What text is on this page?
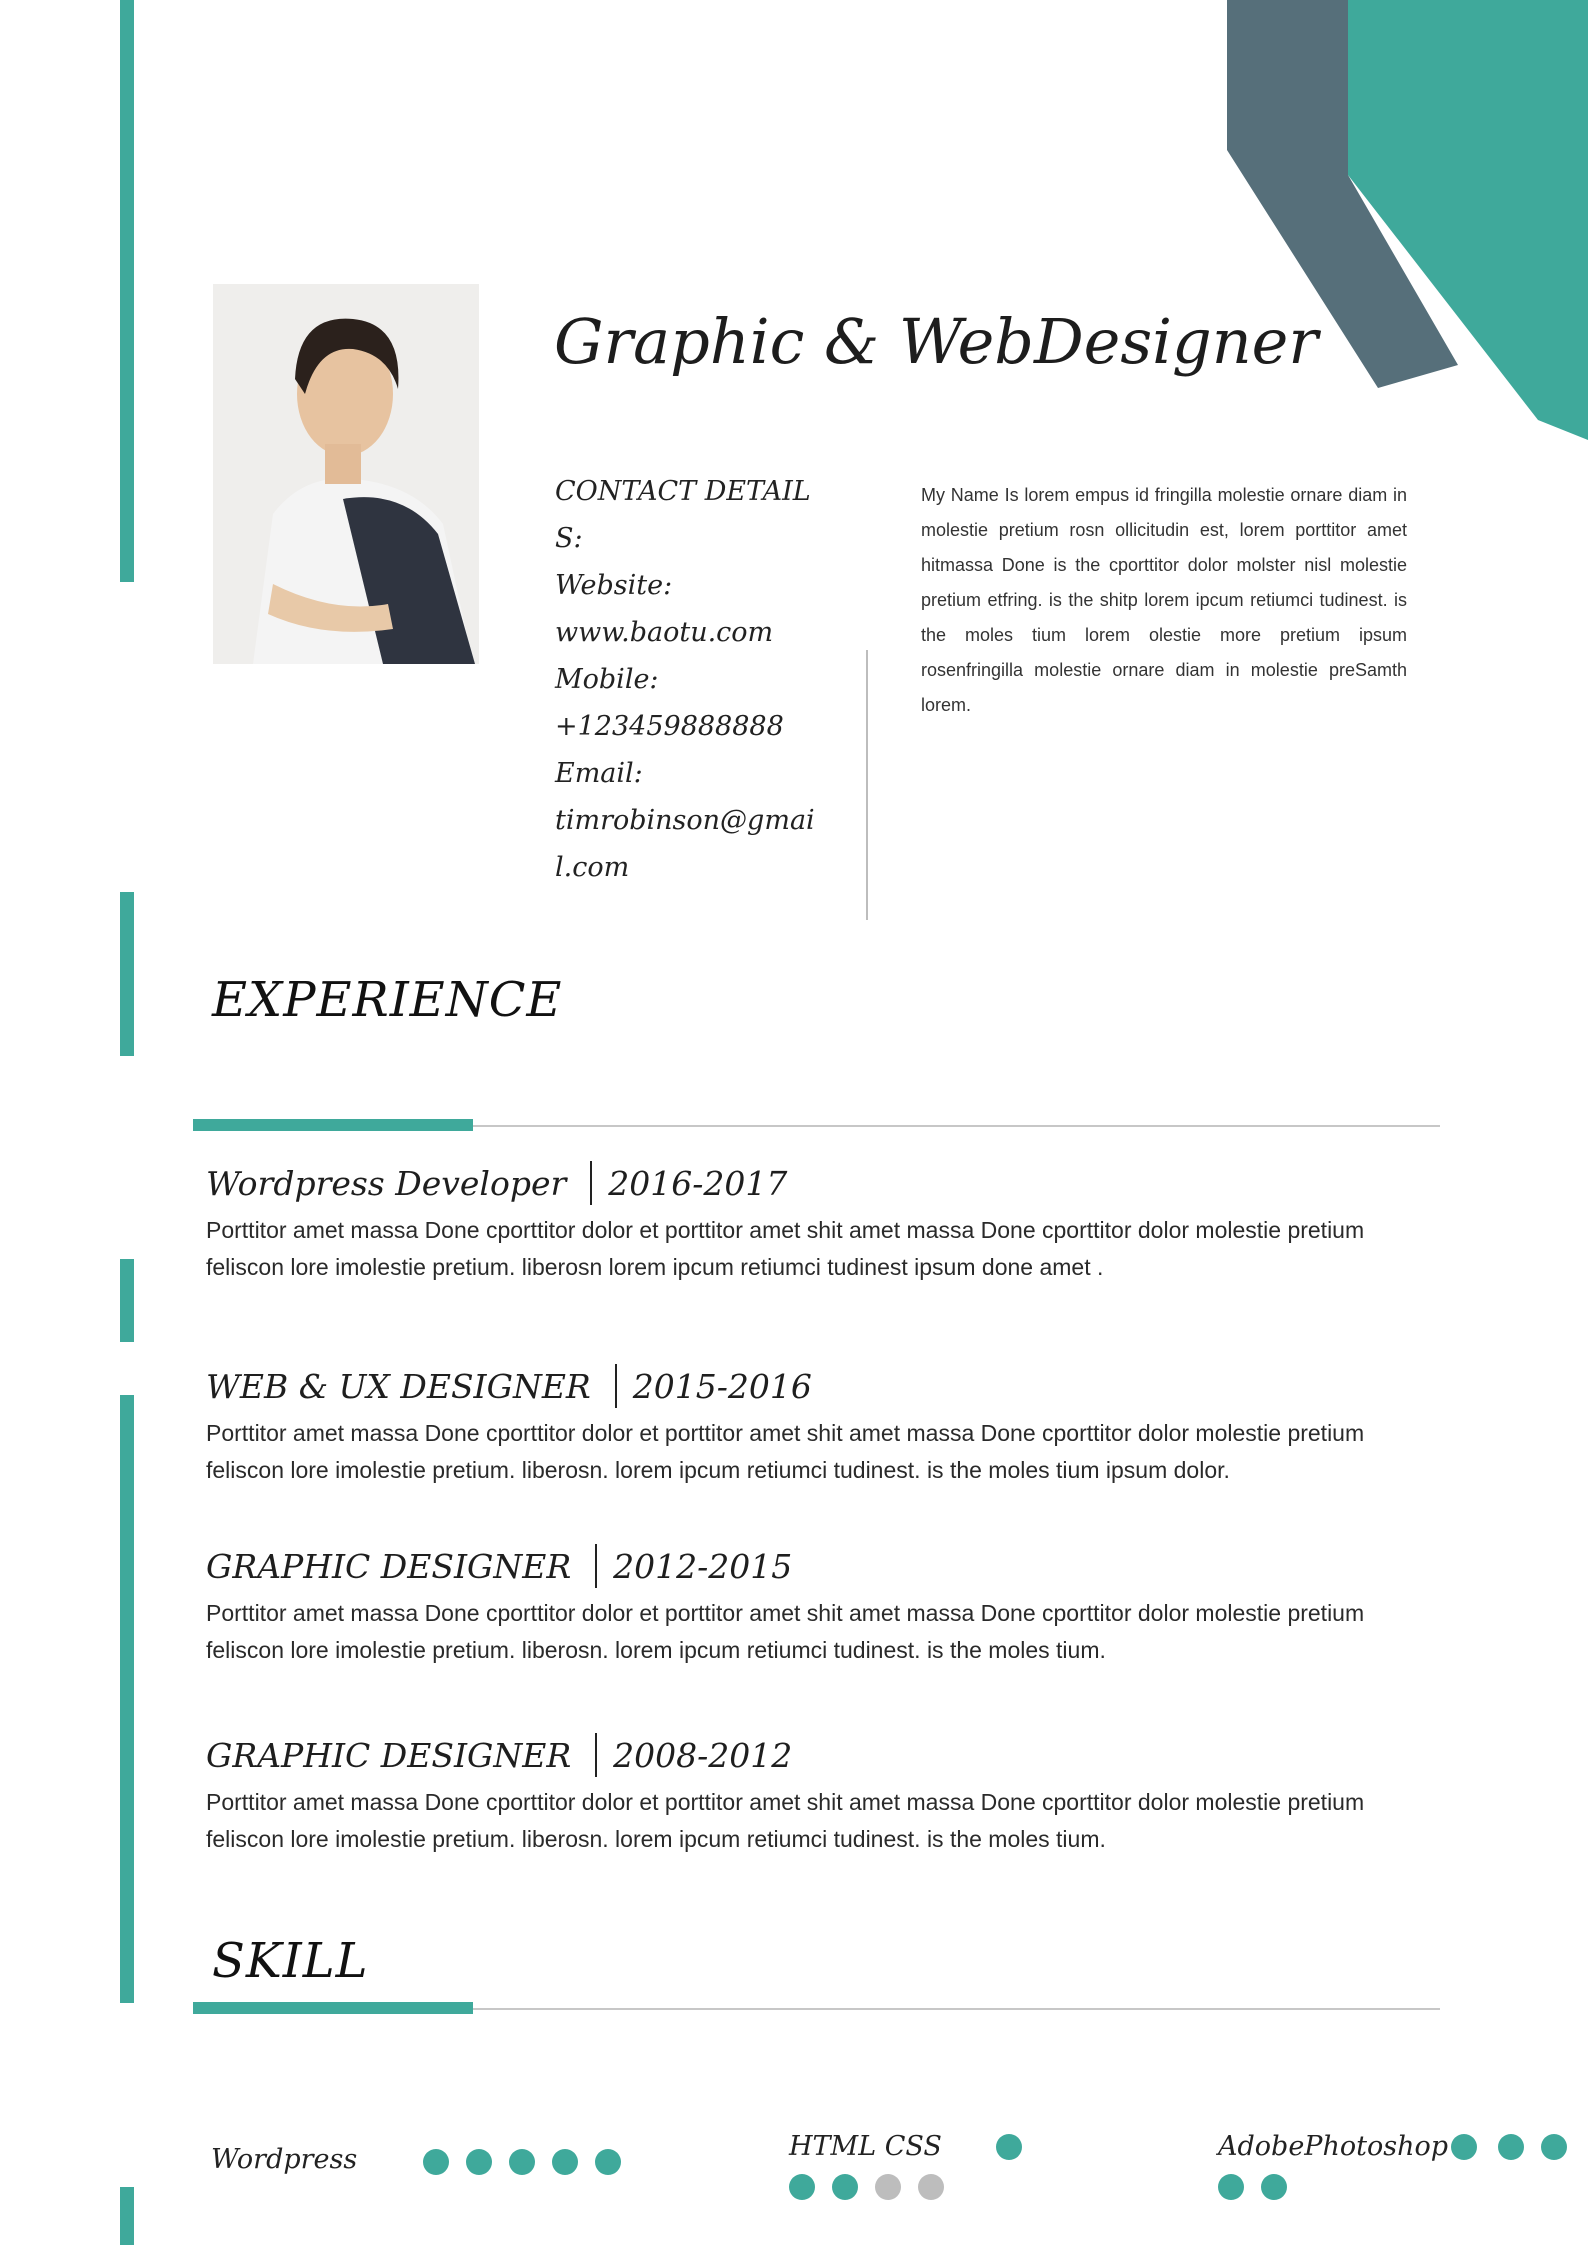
Graphic & WebDesigner
CONTACT DETAILS:
Website:
www.baotu.com
Mobile:
+123459888888
Email:
timrobinson@gmail.com
My Name Is lorem empus id fringilla molestie ornare diam in molestie pretium rosn ollicitudin est, lorem porttitor amet hitmassa Done is the cporttitor dolor molster nisl molestie pretium etfring. is the shitp lorem ipcum retiumci tudinest. is the moles tium lorem olestie more pretium ipsum rosenfringilla molestie ornare diam in molestie preSamth lorem.
EXPERIENCE
Wordpress Developer 2016-2017
Porttitor amet massa Done cporttitor dolor et porttitor amet shit amet massa Done cporttitor dolor molestie pretium feliscon lore imolestie pretium. liberosn lorem ipcum retiumci tudinest ipsum done amet .
WEB & UX DESIGNER 2015-2016
Porttitor amet massa Done cporttitor dolor et porttitor amet shit amet massa Done cporttitor dolor molestie pretium feliscon lore imolestie pretium. liberosn. lorem ipcum retiumci tudinest. is the moles tium ipsum dolor.
GRAPHIC DESIGNER 2012-2015
Porttitor amet massa Done cporttitor dolor et porttitor amet shit amet massa Done cporttitor dolor molestie pretium feliscon lore imolestie pretium. liberosn. lorem ipcum retiumci tudinest. is the moles tium.
GRAPHIC DESIGNER 2008-2012
Porttitor amet massa Done cporttitor dolor et porttitor amet shit amet massa Done cporttitor dolor molestie pretium feliscon lore imolestie pretium. liberosn. lorem ipcum retiumci tudinest. is the moles tium.
SKILL
Wordpress	HTML CSS	AdobePhotoshop
